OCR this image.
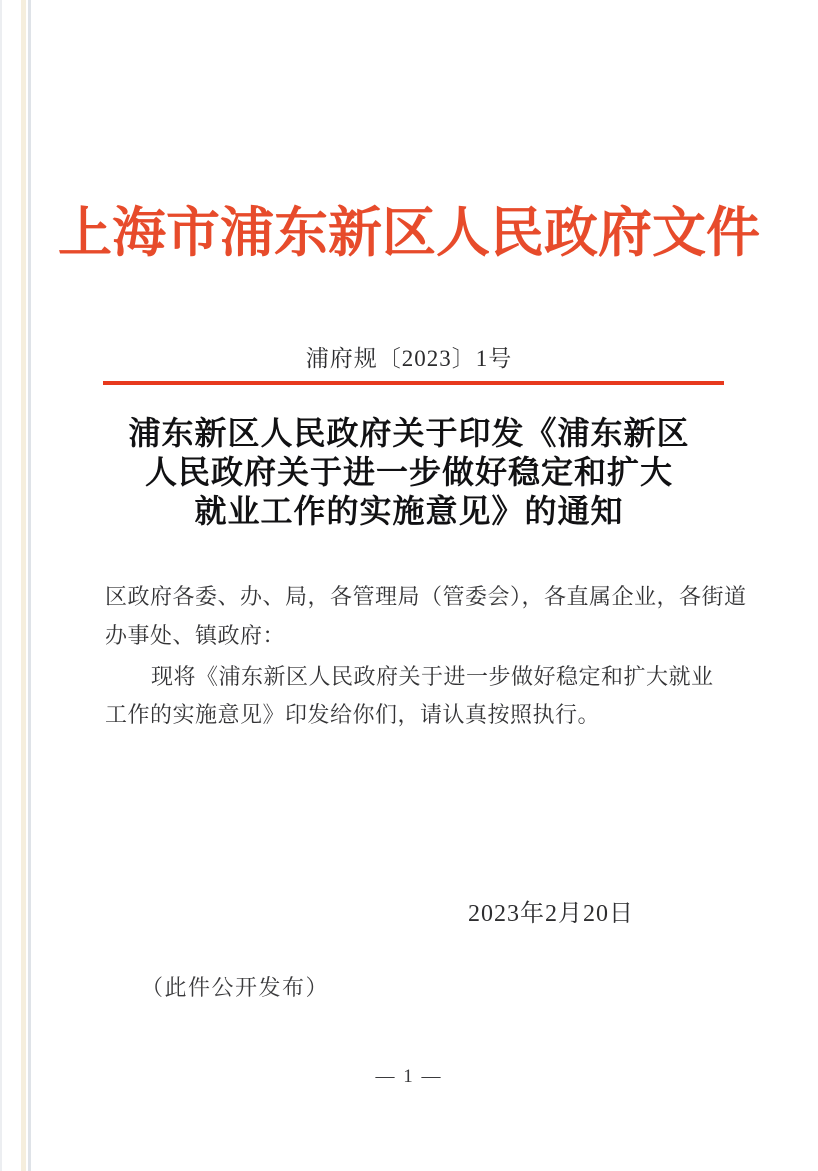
上海市浦东新区人民政府文件
浦府规〔2023〕1号
浦东新区人民政府关于印发《浦东新区
人民政府关于进一步做好稳定和扩大
就业工作的实施意见》的通知
区政府各委、办、局，各管理局（管委会），各直属企业，各街道
办事处、镇政府：
现将《浦东新区人民政府关于进一步做好稳定和扩大就业
工作的实施意见》印发给你们，请认真按照执行。
2023年2月20日
（此件公开发布）
— 1 —
